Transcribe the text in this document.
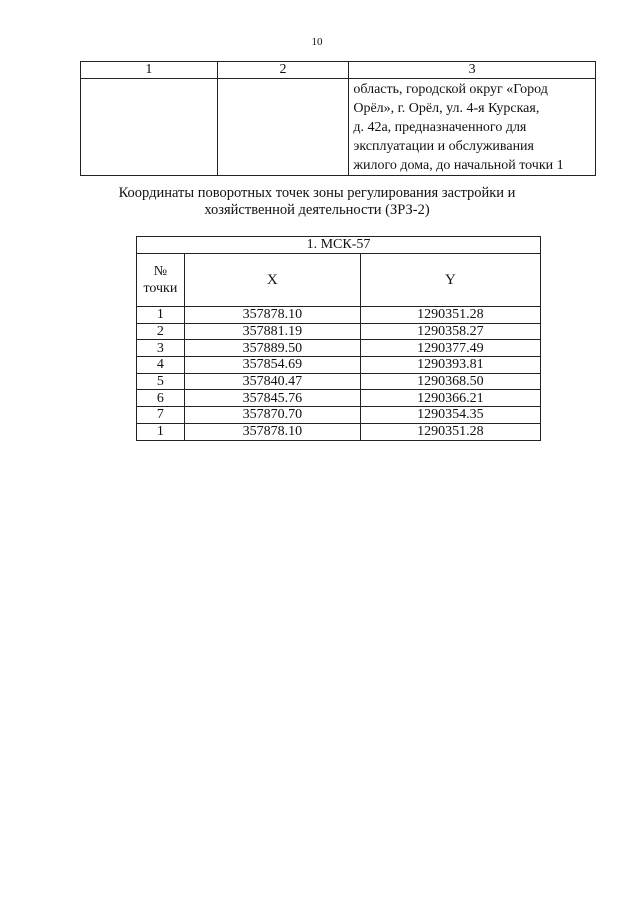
10
1	2	3

		область, городской округ «Город
Орёл», г. Орёл, ул. 4-я Курская,
д. 42а, предназначенного для
эксплуатации и обслуживания
жилого дома, до начальной точки 1
Координаты поворотных точек зоны регулирования застройки и
хозяйственной деятельности (ЗРЗ-2)
1. МСК-57		
№
точки	X	Y
1	357878.10	1290351.28
2	357881.19	1290358.27
3	357889.50	1290377.49
4	357854.69	1290393.81
5	357840.47	1290368.50
6	357845.76	1290366.21
7	357870.70	1290354.35
1	357878.10	1290351.28
